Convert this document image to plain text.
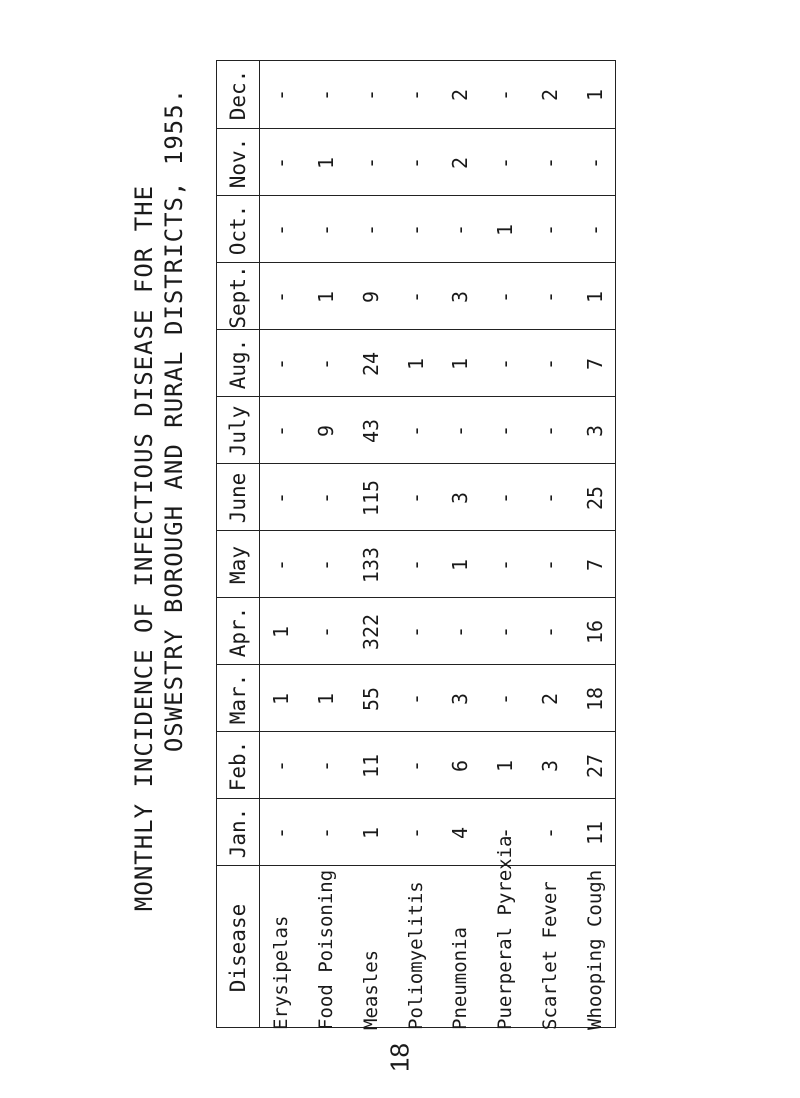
MONTHLY INCIDENCE OF INFECTIOUS DISEASE FOR THE OSWESTRY BOROUGH AND RURAL DISTRICTS, 1955. Dec. - - - - 2 - 2 1
Nov. - 1 - - 2 - - -
Oct. - - - - - 1 - -
Sept. - 1 9 - 3 - - 1
Aug. - - 24 1 1 - - 7
July - 9 43 - - - - 3
June - - 115 - 3 - - 25
May - - 133 - 1 - - 7
Apr. 1 - 322 - - - - 16
Mar. 1 1 55 - 3 - 2 18
Feb. - - 11 - 6 1 3 27
Jan. - - 1 - 4 - - 11
Disease Erysipelas Food Poisoning Measles Poliomyelitis Pneumonia Puerperal Pyrexia Scarlet Fever Whooping Cough
18
